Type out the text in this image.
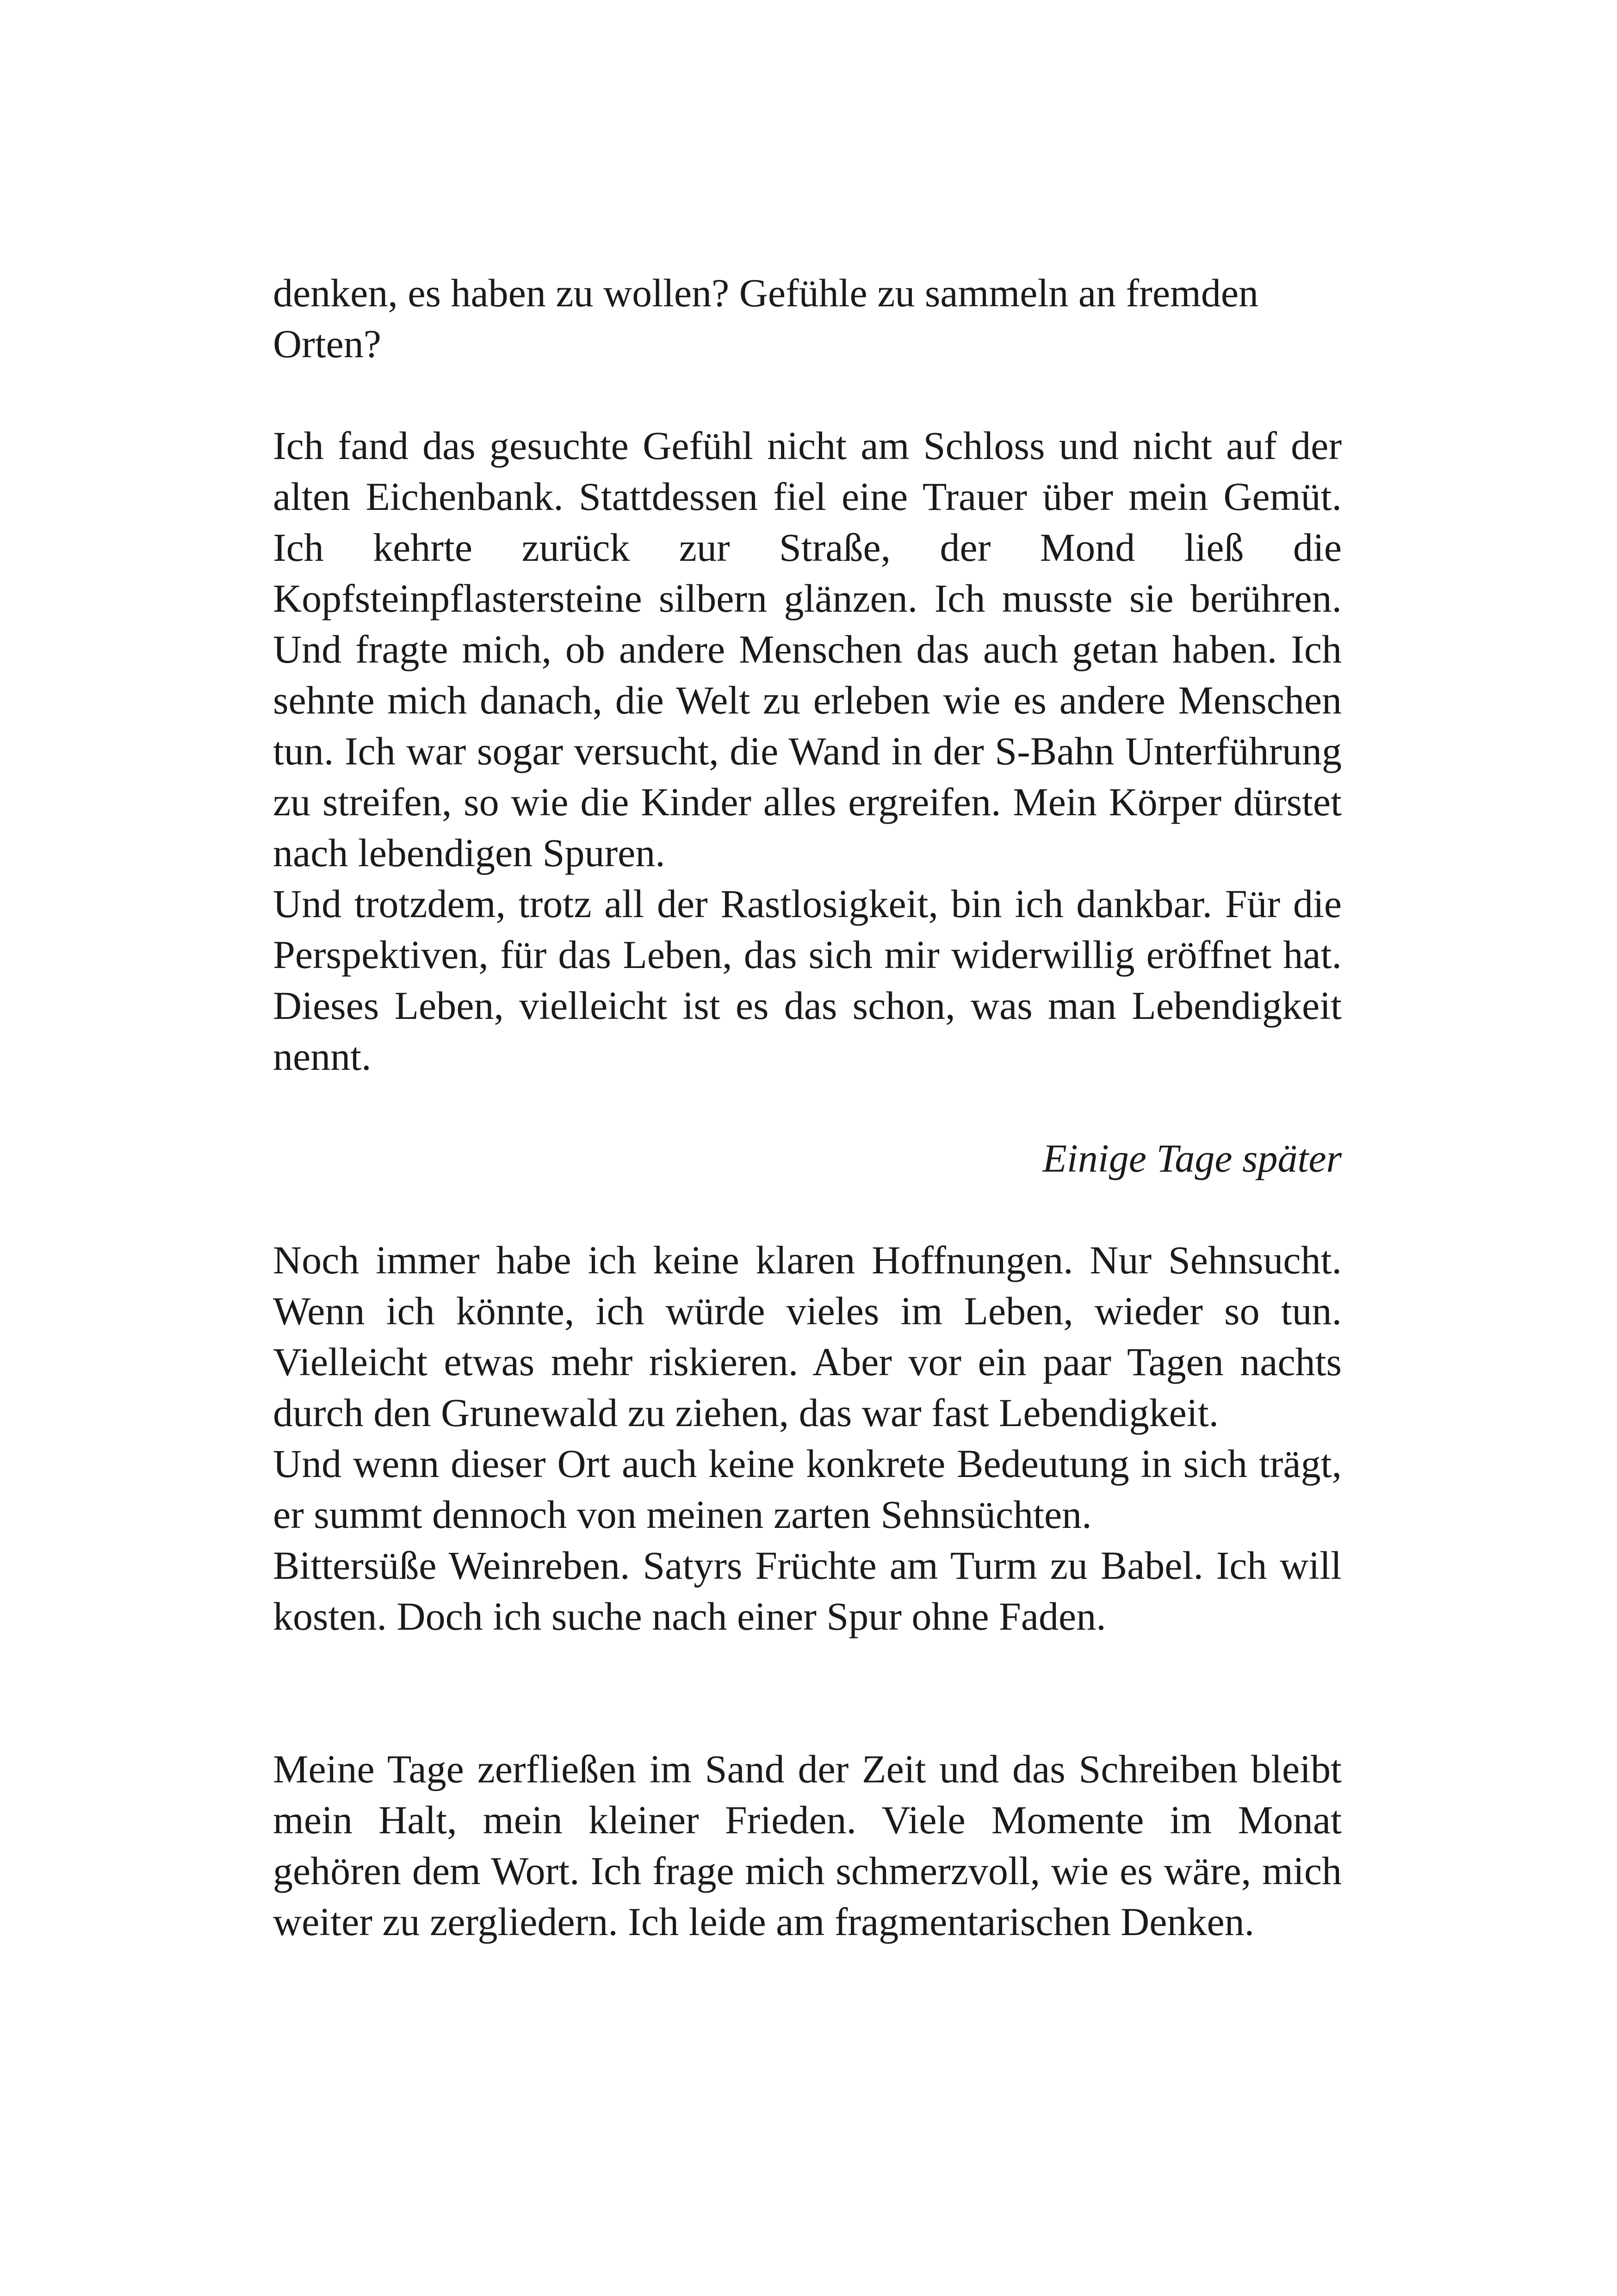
denken, es haben zu wollen? Gefühle zu sammeln an fremden Orten?

Ich fand das gesuchte Gefühl nicht am Schloss und nicht auf der alten Eichenbank. Stattdessen fiel eine Trauer über mein Gemüt. Ich kehrte zurück zur Straße, der Mond ließ die Kopfsteinpflastersteine silbern glänzen. Ich musste sie berühren. Und fragte mich, ob andere Menschen das auch getan haben. Ich sehnte mich danach, die Welt zu erleben wie es andere Menschen tun. Ich war sogar versucht, die Wand in der S-Bahn Unterführung zu streifen, so wie die Kinder alles ergreifen. Mein Körper dürstet nach lebendigen Spuren.

Und trotzdem, trotz all der Rastlosigkeit, bin ich dankbar. Für die Perspektiven, für das Leben, das sich mir widerwillig eröffnet hat. Dieses Leben, vielleicht ist es das schon, was man Lebendigkeit nennt.

Einige Tage später

Noch immer habe ich keine klaren Hoffnungen. Nur Sehnsucht. Wenn ich könnte, ich würde vieles im Leben, wieder so tun. Vielleicht etwas mehr riskieren. Aber vor ein paar Tagen nachts durch den Grunewald zu ziehen, das war fast Lebendigkeit.

Und wenn dieser Ort auch keine konkrete Bedeutung in sich trägt, er summt dennoch von meinen zarten Sehnsüchten.

Bittersüße Weinreben. Satyrs Früchte am Turm zu Babel. Ich will kosten. Doch ich suche nach einer Spur ohne Faden.

Meine Tage zerfließen im Sand der Zeit und das Schreiben bleibt mein Halt, mein kleiner Frieden. Viele Momente im Monat gehören dem Wort. Ich frage mich schmerzvoll, wie es wäre, mich weiter zu zergliedern. Ich leide am fragmentarischen Denken.
